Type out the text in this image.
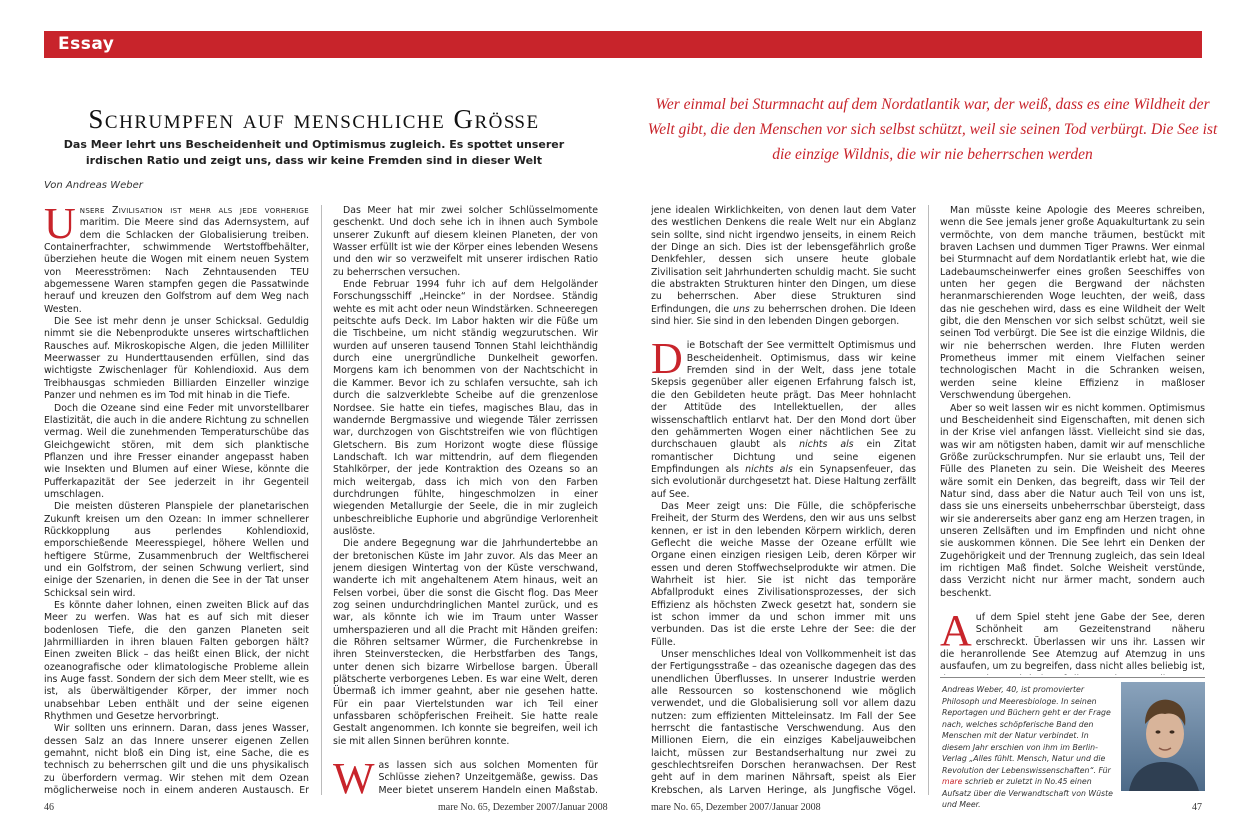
Essay
Schrumpfen auf menschliche Größe
Das Meer lehrt uns Bescheidenheit und Optimismus zugleich. Es spottet unserer
irdischen Ratio und zeigt uns, dass wir keine Fremden sind in dieser Welt
Von Andreas Weber
Wer einmal bei Sturmnacht auf dem Nordatlantik war, der weiß, dass es eine Wildheit der Welt gibt, die den Menschen vor sich selbst schützt, weil sie seinen Tod verbürgt. Die See ist die einzige Wildnis, die wir nie beherrschen werden

Unsere Zivilisation ist mehr als jede vorherige maritim. Die Meere sind das Adernsystem, auf dem die Schlacken der Globalisierung treiben. Containerfrachter, schwimmende Wertstoffbehälter, überziehen heute die Wogen mit einem neuen System von Meeresströmen: Nach Zehntausenden TEU abgemessene Waren stampfen gegen die Passatwinde herauf und kreuzen den Golfstrom auf dem Weg nach Westen.

Die See ist mehr denn je unser Schicksal. Geduldig nimmt sie die Nebenprodukte unseres wirtschaftlichen Rausches auf. Mikroskopische Algen, die jeden Milliliter Meerwasser zu Hunderttausenden erfüllen, sind das wichtigste Zwischenlager für Kohlendioxid. Aus dem Treibhausgas schmieden Billiarden Einzeller winzige Panzer und nehmen es im Tod mit hinab in die Tiefe.

Doch die Ozeane sind eine Feder mit unvorstellbarer Elastizität, die auch in die andere Richtung zu schnellen vermag. Weil die zunehmenden Temperaturschübe das Gleichgewicht stören, mit dem sich planktische Pflanzen und ihre Fresser einander angepasst haben wie Insekten und Blumen auf einer Wiese, könnte die Pufferkapazität der See jederzeit in ihr Gegenteil umschlagen.

Die meisten düsteren Planspiele der planetarischen Zukunft kreisen um den Ozean: In immer schnellerer Rückkopplung aus perlendes Kohlendioxid, emporschießende Meeresspiegel, höhere Wellen und heftigere Stürme, Zusammenbruch der Weltfischerei und ein Golfstrom, der seinen Schwung verliert, sind einige der Szenarien, in denen die See in der Tat unser Schicksal sein wird.

Es könnte daher lohnen, einen zweiten Blick auf das Meer zu werfen. Was hat es auf sich mit dieser bodenlosen Tiefe, die den ganzen Planeten seit Jahrmilliarden in ihren blauen Falten geborgen hält? Einen zweiten Blick – das heißt einen Blick, der nicht ozeanografische oder klimatologische Probleme allein ins Auge fasst. Sondern der sich dem Meer stellt, wie es ist, als überwältigender Körper, der immer noch unabsehbar Leben enthält und der seine eigenen Rhythmen und Gesetze hervorbringt.

Wir sollten uns erinnern. Daran, dass jenes Wasser, dessen Salz an das Innere unserer eigenen Zellen gemahnt, nicht bloß ein Ding ist, eine Sache, die es technisch zu beherrschen gilt und die uns physikalisch zu überfordern vermag. Wir stehen mit dem Ozean möglicherweise noch in einem anderen Austausch. Er

Das Meer hat mir zwei solcher Schlüsselmomente geschenkt. Und doch sehe ich in ihnen auch Symbole unserer Zukunft auf diesem kleinen Planeten, der von Wasser erfüllt ist wie der Körper eines lebenden Wesens und den wir so verzweifelt mit unserer irdischen Ratio zu beherrschen versuchen.

Ende Februar 1994 fuhr ich auf dem Helgoländer Forschungsschiff „Heincke“ in der Nordsee. Ständig wehte es mit acht oder neun Windstärken. Schneeregen peitschte aufs Deck. Im Labor hakten wir die Füße um die Tischbeine, um nicht ständig wegzurutschen. Wir wurden auf unseren tausend Tonnen Stahl leichthändig durch eine unergründliche Dunkelheit geworfen. Morgens kam ich benommen von der Nachtschicht in die Kammer. Bevor ich zu schlafen versuchte, sah ich durch die salzverklebte Scheibe auf die grenzenlose Nordsee. Sie hatte ein tiefes, magisches Blau, das in wandernde Bergmassive und wiegende Täler zerrissen war, durchzogen von Gischtstreifen wie von flüchtigen Gletschern. Bis zum Horizont wogte diese flüssige Landschaft. Ich war mittendrin, auf dem fliegenden Stahlkörper, der jede Kontraktion des Ozeans so an mich weitergab, dass ich mich von den Farben durchdrungen fühlte, hingeschmolzen in einer wiegenden Metallurgie der Seele, die in mir zugleich unbeschreibliche Euphorie und abgründige Verlorenheit auslöste.

Die andere Begegnung war die Jahrhundertebbe an der bretonischen Küste im Jahr zuvor. Als das Meer an jenem diesigen Wintertag von der Küste verschwand, wanderte ich mit angehaltenem Atem hinaus, weit an Felsen vorbei, über die sonst die Gischt flog. Das Meer zog seinen undurchdringlichen Mantel zurück, und es war, als könnte ich wie im Traum unter Wasser umherspazieren und all die Pracht mit Händen greifen: die Röhren seltsamer Würmer, die Furchenkrebse in ihren Steinverstecken, die Herbstfarben des Tangs, unter denen sich bizarre Wirbellose bargen. Überall plätscherte verborgenes Leben. Es war eine Welt, deren Übermaß ich immer geahnt, aber nie gesehen hatte. Für ein paar Viertelstunden war ich Teil einer unfassbaren schöpferischen Freiheit. Sie hatte reale Gestalt angenommen. Ich konnte sie begreifen, weil ich sie mit allen Sinnen berühren konnte.

Was lassen sich aus solchen Momenten für Schlüsse ziehen? Unzeitgemäße, gewiss. Das Meer bietet unserem Handeln einen Maßstab.

jene idealen Wirklichkeiten, von denen laut dem Vater des westlichen Denkens die reale Welt nur ein Abglanz sein sollte, sind nicht irgendwo jenseits, in einem Reich der Dinge an sich. Dies ist der lebensgefährlich große Denkfehler, dessen sich unsere heute globale Zivilisation seit Jahrhunderten schuldig macht. Sie sucht die abstrakten Strukturen hinter den Dingen, um diese zu beherrschen. Aber diese Strukturen sind Erfindungen, die uns zu beherrschen drohen. Die Ideen sind hier. Sie sind in den lebenden Dingen geborgen.

Die Botschaft der See vermittelt Optimismus und Bescheidenheit. Optimismus, dass wir keine Fremden sind in der Welt, dass jene totale Skepsis gegenüber aller eigenen Erfahrung falsch ist, die den Gebildeten heute prägt. Das Meer hohnlacht der Attitüde des Intellektuellen, der alles wissenschaftlich entlarvt hat. Der den Mond dort über den gehämmerten Wogen einer nächtlichen See zu durchschauen glaubt als nichts als ein Zitat romantischer Dichtung und seine eigenen Empfindungen als nichts als ein Synapsenfeuer, das sich evolutionär durchgesetzt hat. Diese Haltung zerfällt auf See.

Das Meer zeigt uns: Die Fülle, die schöpferische Freiheit, der Sturm des Werdens, den wir aus uns selbst kennen, er ist in den lebenden Körpern wirklich, deren Geflecht die weiche Masse der Ozeane erfüllt wie Organe einen einzigen riesigen Leib, deren Körper wir essen und deren Stoffwechselprodukte wir atmen. Die Wahrheit ist hier. Sie ist nicht das temporäre Abfallprodukt eines Zivilisationsprozesses, der sich Effizienz als höchsten Zweck gesetzt hat, sondern sie ist schon immer da und schon immer mit uns verbunden. Das ist die erste Lehre der See: die der Fülle.

Unser menschliches Ideal von Vollkommenheit ist das der Fertigungsstraße – das ozeanische dagegen das des unendlichen Überflusses. In unserer Industrie werden alle Ressourcen so kostenschonend wie möglich verwendet, und die Globalisierung soll vor allem dazu nutzen: zum effizienten Mitteleinsatz. Im Fall der See herrscht die fantastische Verschwendung. Aus den Millionen Eiern, die ein einziges Kabeljauweibchen laicht, müssen zur Bestandserhaltung nur zwei zu geschlechtsreifen Dorschen heranwachsen. Der Rest geht auf in dem marinen Nährsaft, speist als Eier Krebschen, als Larven Heringe, als Jungfische Vögel.

Man müsste keine Apologie des Meeres schreiben, wenn die See jemals jener große Aquakulturtank zu sein vermöchte, von dem manche träumen, bestückt mit braven Lachsen und dummen Tiger Prawns. Wer einmal bei Sturmnacht auf dem Nordatlantik erlebt hat, wie die Ladebaumscheinwerfer eines großen Seeschiffes von unten her gegen die Bergwand der nächsten heranmarschierenden Woge leuchten, der weiß, dass das nie geschehen wird, dass es eine Wildheit der Welt gibt, die den Menschen vor sich selbst schützt, weil sie seinen Tod verbürgt. Die See ist die einzige Wildnis, die wir nie beherrschen werden. Ihre Fluten werden Prometheus immer mit einem Vielfachen seiner technologischen Macht in die Schranken weisen, werden seine kleine Effizienz in maßloser Verschwendung übergehen.

Aber so weit lassen wir es nicht kommen. Optimismus und Bescheidenheit sind Eigenschaften, mit denen sich in der Krise viel anfangen lässt. Vielleicht sind sie das, was wir am nötigsten haben, damit wir auf menschliche Größe zurückschrumpfen. Nur sie erlaubt uns, Teil der Fülle des Planeten zu sein. Die Weisheit des Meeres wäre somit ein Denken, das begreift, dass wir Teil der Natur sind, dass aber die Natur auch Teil von uns ist, dass sie uns einerseits unbeherrschbar übersteigt, dass wir sie andererseits aber ganz eng am Herzen tragen, in unseren Zellsäften und im Empfinden und nicht ohne sie auskommen können. Die See lehrt ein Denken der Zugehörigkeit und der Trennung zugleich, das sein Ideal im richtigen Maß findet. Solche Weisheit verstünde, dass Verzicht nicht nur ärmer macht, sondern auch beschenkt.

Auf dem Spiel steht jene Gabe der See, deren Schönheit am Gezeitenstrand näheru erschreckt. Überlassen wir uns ihr. Lassen wir die heranrollende See Atemzug auf Atemzug in uns ausfaufen, um zu begreifen, dass nicht alles beliebig ist,

Andreas Weber, 40, ist promovierter Philosoph und Meeresbiologe. In seinen Reportagen und Büchern geht er der Frage nach, welches schöpferische Band den Menschen mit der Natur verbindet. In diesem Jahr erschien von ihm im Berlin-Verlag „Alles fühlt. Mensch, Natur und die Revolution der Lebenswissenschaften“. Für mare schrieb er zuletzt in No.45 einen Aufsatz über die Verwandtschaft von Wüste und Meer.
46	mare No. 65, Dezember 2007/Januar 2008	mare No. 65, Dezember 2007/Januar 2008	47
